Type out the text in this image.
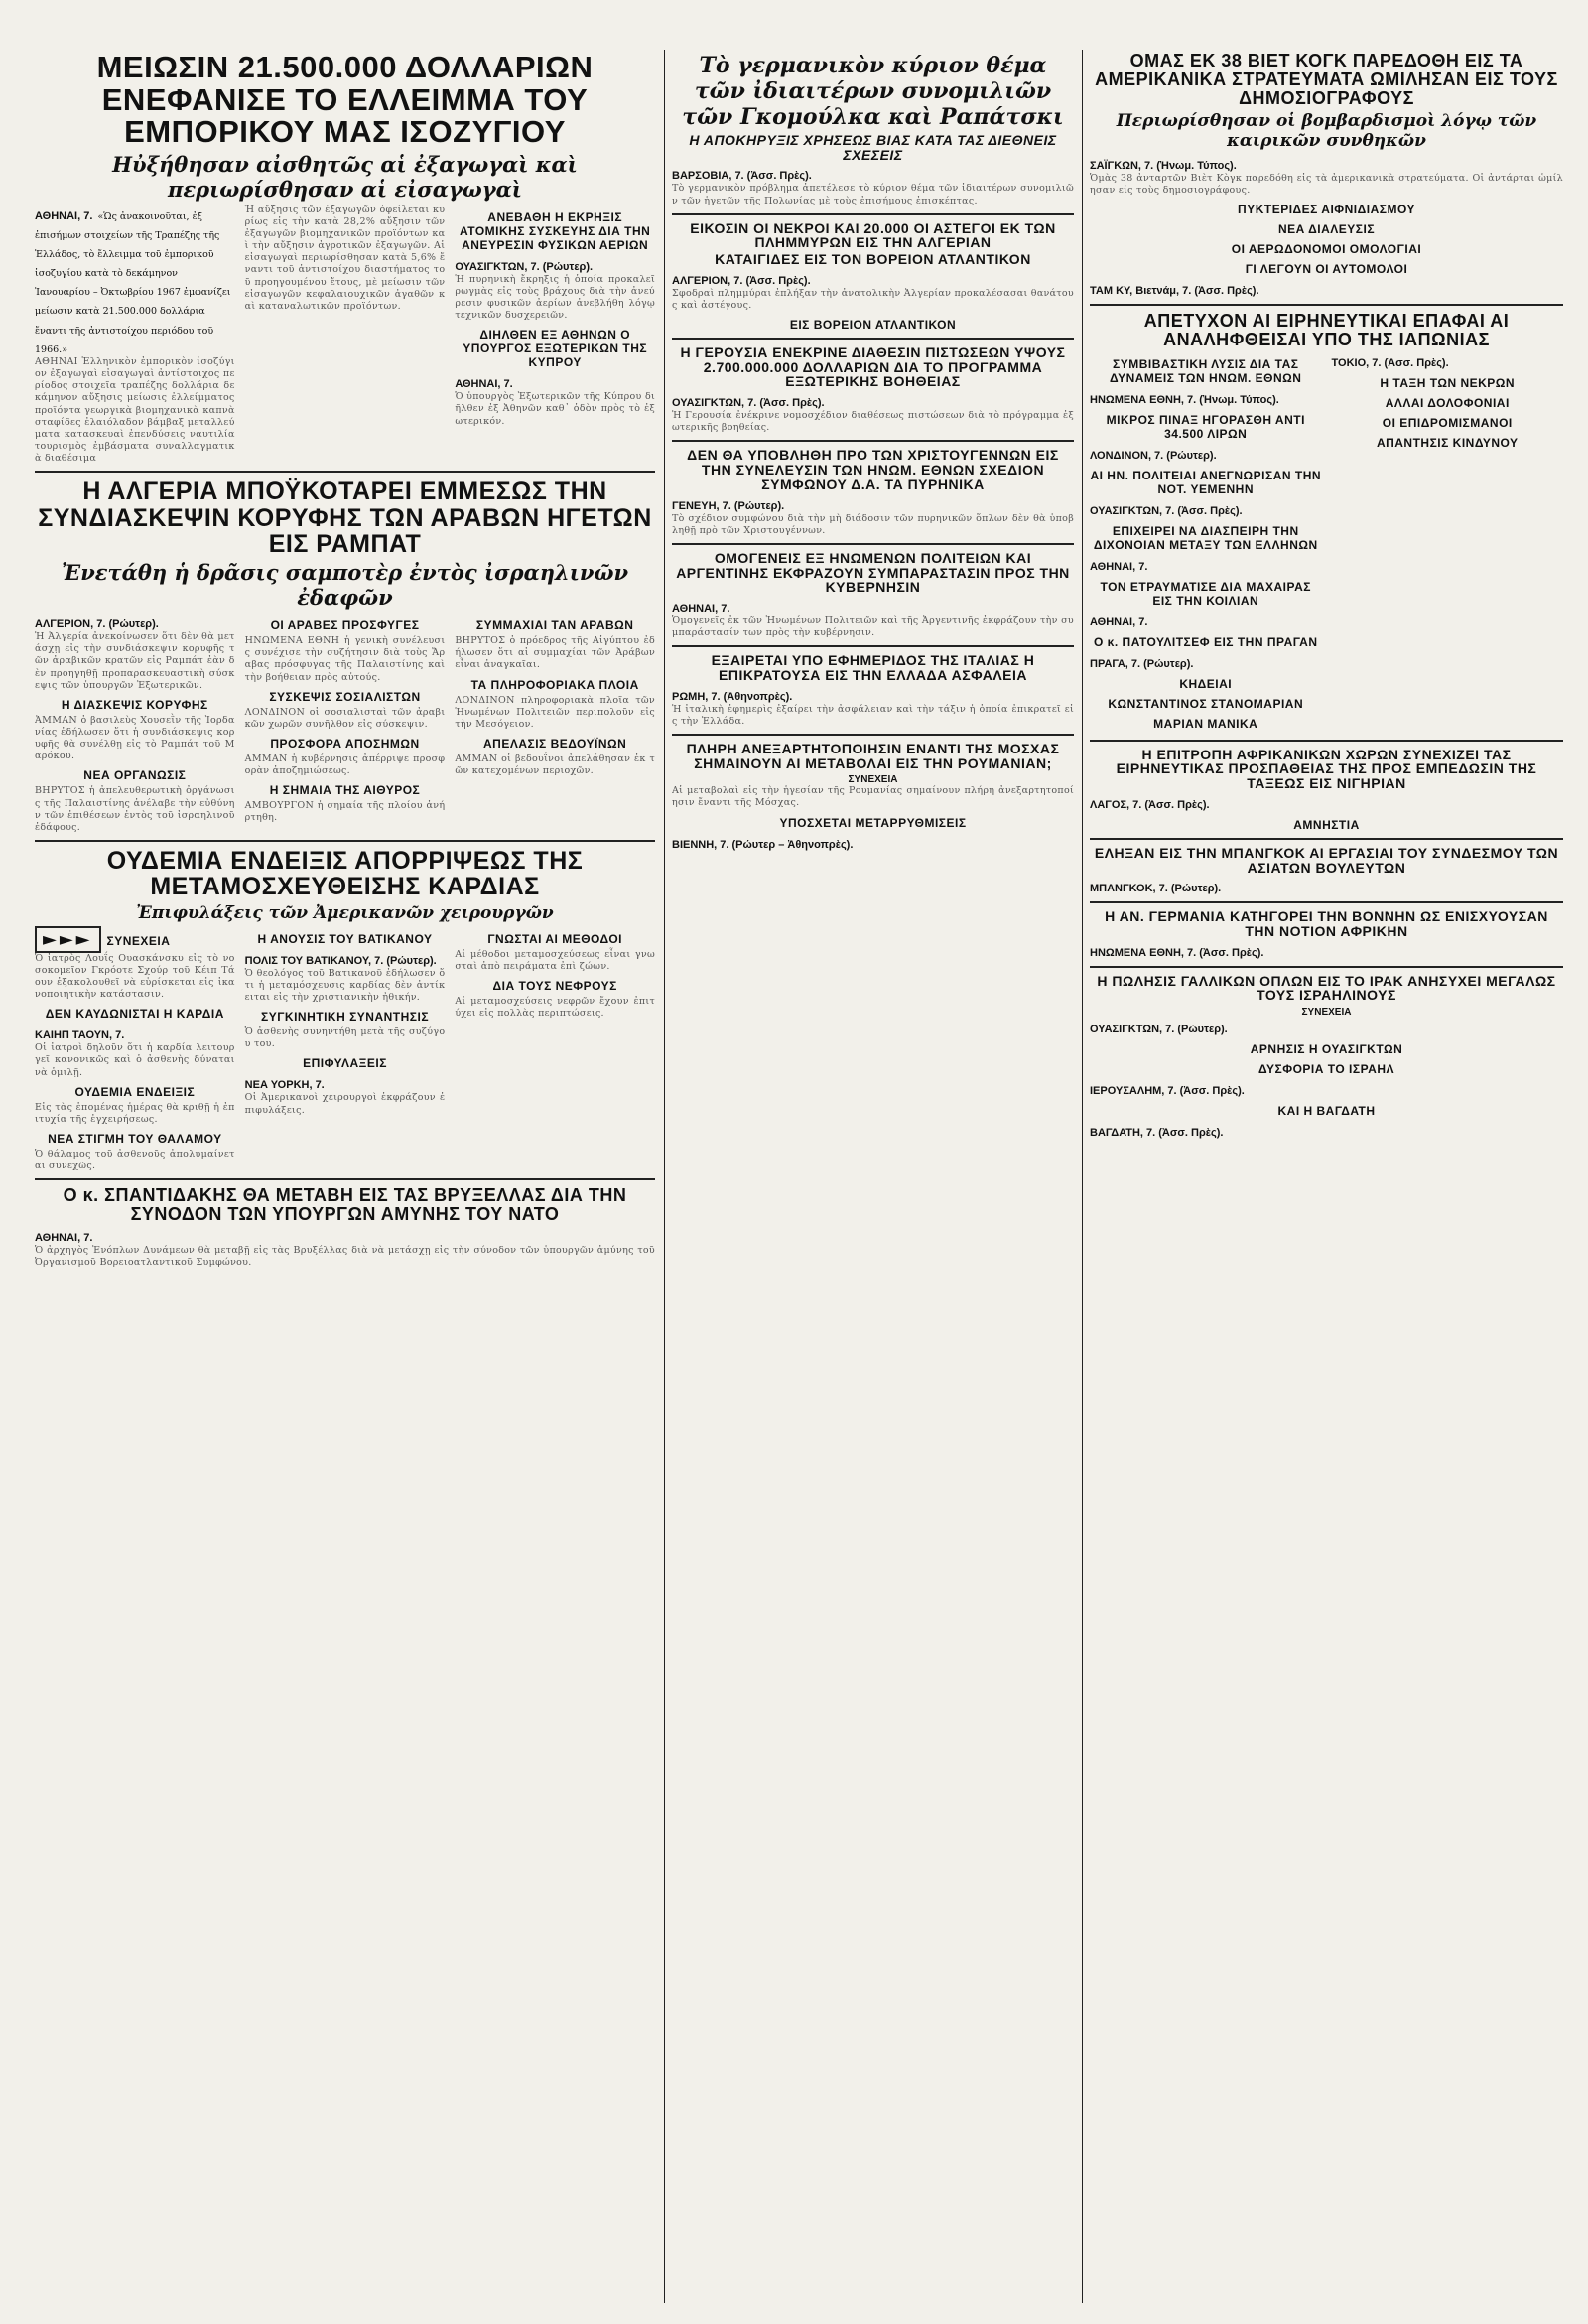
ΜΕΙΩΣΙΝ 21.500.000 ΔΟΛΛΑΡΙΩΝ ΕΝΕΦΑΝΙΣΕ ΤΟ ΕΛΛΕΙΜΜΑ ΤΟΥ ΕΜΠΟΡΙΚΟΥ ΜΑΣ ΙΣΟΖΥΓΙΟΥ
Ηὐξήθησαν αἰσθητῶς αἱ ἐξαγωγαὶ καὶ περιωρίσθησαν αἱ εἰσαγωγαὶ
ΑΘΗΝΑΙ, 7. «Ὡς ἀνακοινοῦται, ἐξ ἐπισήμων στοιχείων τῆς Τραπέζης τῆς Ἑλλάδος, τὸ ἔλλειμμα τοῦ ἐμπορικοῦ ἰσοζυγίου κατὰ τὸ δεκάμηνον Ἰανουαρίου – Ὀκτωβρίου 1967 ἐμφανίζει μείωσιν κατὰ 21.500.000 δολλάρια ἔναντι τῆς ἀντιστοίχου περιόδου τοῦ 1966.»
ΑΘΗΝΑΙ Ἑλληνικὸν ἐμπορικὸν ἰσοζύγιον ἐξαγωγαὶ εἰσαγωγαὶ ἀντίστοιχος περίοδος στοιχεῖα τραπέζης δολλάρια δεκάμηνον αὔξησις μείωσις ἐλλείμματος προϊόντα γεωργικὰ βιομηχανικὰ καπνὰ σταφίδες ἐλαιόλαδον βάμβαξ μεταλλεύματα κατασκευαὶ ἐπενδύσεις ναυτιλία τουρισμὸς ἐμβάσματα συναλλαγματικὰ διαθέσιμα
Ἡ αὔξησις τῶν ἐξαγωγῶν ὀφείλεται κυρίως εἰς τὴν κατὰ 28,2% αὔξησιν τῶν ἐξαγωγῶν βιομηχανικῶν προϊόντων καὶ τὴν αὔξησιν ἀγροτικῶν ἐξαγωγῶν. Αἱ εἰσαγωγαὶ περιωρίσθησαν κατὰ 5,6% ἔναντι τοῦ ἀντιστοίχου διαστήματος τοῦ προηγουμένου ἔτους, μὲ μείωσιν τῶν εἰσαγωγῶν κεφαλαιουχικῶν ἀγαθῶν καὶ καταναλωτικῶν προϊόντων.
ΑΝΕΒΑΘΗ Η ΕΚΡΗΞΙΣ ΑΤΟΜΙΚΗΣ ΣΥΣΚΕΥΗΣ ΔΙΑ ΤΗΝ ΑΝΕΥΡΕΣΙΝ ΦΥΣΙΚΩΝ ΑΕΡΙΩΝ
ΟΥΑΣΙΓΚΤΩΝ, 7. (Ρώυτερ).
Ἡ πυρηνικὴ ἔκρηξις ἡ ὁποία προκαλεῖ ρωγμὰς εἰς τοὺς βράχους διὰ τὴν ἀνεύρεσιν φυσικῶν ἀερίων ἀνεβλήθη λόγῳ τεχνικῶν δυσχερειῶν.
ΔΙΗΛΘΕΝ ΕΞ ΑΘΗΝΩΝ Ο ΥΠΟΥΡΓΟΣ ΕΞΩΤΕΡΙΚΩΝ ΤΗΣ ΚΥΠΡΟΥ
ΑΘΗΝΑΙ, 7.
Ὁ ὑπουργὸς Ἐξωτερικῶν τῆς Κύπρου διῆλθεν ἐξ Ἀθηνῶν καθ᾽ ὁδὸν πρὸς τὸ ἐξωτερικόν.
Η ΑΛΓΕΡΙΑ ΜΠΟΫΚΟΤΑΡΕΙ ΕΜΜΕΣΩΣ ΤΗΝ ΣΥΝΔΙΑΣΚΕΨΙΝ ΚΟΡΥΦΗΣ ΤΩΝ ΑΡΑΒΩΝ ΗΓΕΤΩΝ ΕΙΣ ΡΑΜΠΑΤ
Ἐνετάθη ἡ δρᾶσις σαμποτὲρ ἐντὸς ἰσραηλινῶν ἐδαφῶν
ΑΛΓΕΡΙΟΝ, 7. (Ρώυτερ).
Ἡ Ἀλγερία ἀνεκοίνωσεν ὅτι δὲν θὰ μετάσχῃ εἰς τὴν συνδιάσκεψιν κορυφῆς τῶν ἀραβικῶν κρατῶν εἰς Ραμπάτ ἐὰν δὲν προηγηθῇ προπαρασκευαστικὴ σύσκεψις τῶν ὑπουργῶν Ἐξωτερικῶν.
Η ΔΙΑΣΚΕΨΙΣ ΚΟΡΥΦΗΣ
ἈΜΜΑΝ ὁ βασιλεὺς Χουσεῒν τῆς Ἰορδανίας ἐδήλωσεν ὅτι ἡ συνδιάσκεψις κορυφῆς θὰ συνέλθῃ εἰς τὸ Ραμπάτ τοῦ Μαρόκου.
ΝΕΑ ΟΡΓΑΝΩΣΙΣ
ΒΗΡΥΤΟΣ ἡ ἀπελευθερωτικὴ ὀργάνωσις τῆς Παλαιστίνης ἀνέλαβε τὴν εὐθύνην τῶν ἐπιθέσεων ἐντὸς τοῦ ἰσραηλινοῦ ἐδάφους.
ΟΙ ΑΡΑΒΕΣ ΠΡΟΣΦΥΓΕΣ
ΗΝΩΜΕΝΑ ΕΘΝΗ ἡ γενικὴ συνέλευσις συνέχισε τὴν συζήτησιν διὰ τοὺς Ἄραβας πρόσφυγας τῆς Παλαιστίνης καὶ τὴν βοήθειαν πρὸς αὐτούς.
ΣΥΣΚΕΨΙΣ ΣΟΣΙΑΛΙΣΤΩΝ
ΛΟΝΔΙΝΟΝ οἱ σοσιαλισταὶ τῶν ἀραβικῶν χωρῶν συνῆλθον εἰς σύσκεψιν.
ΠΡΟΣΦΟΡΑ ΑΠΟΣΗΜΩΝ
ΑΜΜΑΝ ἡ κυβέρνησις ἀπέρριψε προσφορὰν ἀποζημιώσεως.
Η ΣΗΜΑΙΑ ΤΗΣ ΑΙΘΥΡΟΣ
ΑΜΒΟΥΡΓΟΝ ἡ σημαία τῆς πλοίου ἀνήρτηθη.
ΣΥΜΜΑΧΙΑΙ ΤΑΝ ΑΡΑΒΩΝ
ΒΗΡΥΤΟΣ ὁ πρόεδρος τῆς Αἰγύπτου ἐδήλωσεν ὅτι αἱ συμμαχίαι τῶν Ἀράβων εἶναι ἀναγκαῖαι.
ΤΑ ΠΛΗΡΟΦΟΡΙΑΚΑ ΠΛΟΙΑ
ΛΟΝΔΙΝΟΝ πληροφοριακὰ πλοῖα τῶν Ἡνωμένων Πολιτειῶν περιπολοῦν εἰς τὴν Μεσόγειον.
ΑΠΕΛΑΣΙΣ ΒΕΔΟΥΪΝΩΝ
ΑΜΜΑΝ οἱ βεδουΐνοι ἀπελάθησαν ἐκ τῶν κατεχομένων περιοχῶν.
ΟΥΔΕΜΙΑ ΕΝΔΕΙΞΙΣ ΑΠΟΡΡΙΨΕΩΣ ΤΗΣ ΜΕΤΑΜΟΣΧΕΥΘΕΙΣΗΣ ΚΑΡΔΙΑΣ
Ἐπιφυλάξεις τῶν Ἀμερικανῶν χειρουργῶν
►►► ΣΥΝΕΧΕΙΑ
Ὁ ἰατρὸς Λουΐς Ουασκάνσκυ εἰς τὸ νοσοκομεῖον Γκρόοτε Σχούρ τοῦ Κέιπ Τάουν ἐξακολουθεῖ νὰ εὑρίσκεται εἰς ἱκανοποιητικὴν κατάστασιν.
ΔΕΝ ΚΑΥΔΩΝΙΣΤΑΙ Η ΚΑΡΔΙΑ
ΚΑΙΗΠ ΤΑΟΥΝ, 7.
Οἱ ἰατροὶ δηλοῦν ὅτι ἡ καρδία λειτουργεῖ κανονικῶς καὶ ὁ ἀσθενὴς δύναται νὰ ὁμιλῇ.
ΟΥΔΕΜΙΑ ΕΝΔΕΙΞΙΣ
Εἰς τὰς ἑπομένας ἡμέρας θὰ κριθῇ ἡ ἐπιτυχία τῆς ἐγχειρήσεως.
ΝΕΑ ΣΤΙΓΜΗ ΤΟΥ ΘΑΛΑΜΟΥ
Ὁ θάλαμος τοῦ ἀσθενοῦς ἀπολυμαίνεται συνεχῶς.
Η ΑΝΟΥΣΙΣ ΤΟΥ ΒΑΤΙΚΑΝΟΥ
ΠΟΛΙΣ ΤΟΥ ΒΑΤΙΚΑΝΟΥ, 7. (Ρώυτερ).
Ὁ θεολόγος τοῦ Βατικανοῦ ἐδήλωσεν ὅτι ἡ μεταμόσχευσις καρδίας δὲν ἀντίκειται εἰς τὴν χριστιανικὴν ἠθικήν.
ΣΥΓΚΙΝΗΤΙΚΗ ΣΥΝΑΝΤΗΣΙΣ
Ὁ ἀσθενὴς συνηντήθη μετὰ τῆς συζύγου του.
ΕΠΙΦΥΛΑΞΕΙΣ
ΝΕΑ ΥΟΡΚΗ, 7.
Οἱ Ἀμερικανοὶ χειρουργοὶ ἐκφράζουν ἐπιφυλάξεις.
ΓΝΩΣΤΑΙ ΑΙ ΜΕΘΟΔΟΙ
Αἱ μέθοδοι μεταμοσχεύσεως εἶναι γνωσταὶ ἀπὸ πειράματα ἐπὶ ζώων.
ΔΙΑ ΤΟΥΣ ΝΕΦΡΟΥΣ
Αἱ μεταμοσχεύσεις νεφρῶν ἔχουν ἐπιτύχει εἰς πολλὰς περιπτώσεις.
Ο κ. ΣΠΑΝΤΙΔΑΚΗΣ ΘΑ ΜΕΤΑΒΗ ΕΙΣ ΤΑΣ ΒΡΥΞΕΛΛΑΣ ΔΙΑ ΤΗΝ ΣΥΝΟΔΟΝ ΤΩΝ ΥΠΟΥΡΓΩΝ ΑΜΥΝΗΣ ΤΟΥ ΝΑΤΟ
ΑΘΗΝΑΙ, 7.
Ὁ ἀρχηγὸς Ἐνόπλων Δυνάμεων θὰ μεταβῇ εἰς τὰς Βρυξέλλας διὰ νὰ μετάσχῃ εἰς τὴν σύνοδον τῶν ὑπουργῶν ἀμύνης τοῦ Ὀργανισμοῦ Βορειοατλαντικοῦ Συμφώνου.
Τὸ γερμανικὸν κύριον θέμα τῶν ἰδιαιτέρων συνομιλιῶν τῶν Γκομούλκα καὶ Ραπάτσκι
Η ΑΠΟΚΗΡΥΞΙΣ ΧΡΗΣΕΩΣ ΒΙΑΣ ΚΑΤΑ ΤΑΣ ΔΙΕΘΝΕΙΣ ΣΧΕΣΕΙΣ
ΒΑΡΣΟΒΙΑ, 7. (Ἀσσ. Πρὲς).
Τὸ γερμανικὸν πρόβλημα ἀπετέλεσε τὸ κύριον θέμα τῶν ἰδιαιτέρων συνομιλιῶν τῶν ἡγετῶν τῆς Πολωνίας μὲ τοὺς ἐπισήμους ἐπισκέπτας.
ΕΙΚΟΣΙΝ ΟΙ ΝΕΚΡΟΙ ΚΑΙ 20.000 ΟΙ ΑΣΤΕΓΟΙ ΕΚ ΤΩΝ ΠΛΗΜΜΥΡΩΝ ΕΙΣ ΤΗΝ ΑΛΓΕΡΙΑΝ
ΚΑΤΑΙΓΙΔΕΣ ΕΙΣ ΤΟΝ ΒΟΡΕΙΟΝ ΑΤΛΑΝΤΙΚΟΝ
ΑΛΓΕΡΙΟΝ, 7. (Ἀσσ. Πρὲς).
Σφοδραὶ πλημμύραι ἐπλήξαν τὴν ἀνατολικὴν Ἀλγερίαν προκαλέσασαι θανάτους καὶ ἀστέγους.
ΕΙΣ ΒΟΡΕΙΟΝ ΑΤΛΑΝΤΙΚΟΝ
Η ΓΕΡΟΥΣΙΑ ΕΝΕΚΡΙΝΕ ΔΙΑΘΕΣΙΝ ΠΙΣΤΩΣΕΩΝ ΥΨΟΥΣ 2.700.000.000 ΔΟΛΛΑΡΙΩΝ ΔΙΑ ΤΟ ΠΡΟΓΡΑΜΜΑ ΕΞΩΤΕΡΙΚΗΣ ΒΟΗΘΕΙΑΣ
ΟΥΑΣΙΓΚΤΩΝ, 7. (Ἀσσ. Πρὲς).
Ἡ Γερουσία ἐνέκρινε νομοσχέδιον διαθέσεως πιστώσεων διὰ τὸ πρόγραμμα ἐξωτερικῆς βοηθείας.
ΔΕΝ ΘΑ ΥΠΟΒΛΗΘΗ ΠΡΟ ΤΩΝ ΧΡΙΣΤΟΥΓΕΝΝΩΝ ΕΙΣ ΤΗΝ ΣΥΝΕΛΕΥΣΙΝ ΤΩΝ ΗΝΩΜ. ΕΘΝΩΝ ΣΧΕΔΙΟΝ ΣΥΜΦΩΝΟΥ Δ.Α. ΤΑ ΠΥΡΗΝΙΚΑ
ΓΕΝΕΥΗ, 7. (Ρώυτερ).
Τὸ σχέδιον συμφώνου διὰ τὴν μὴ διάδοσιν τῶν πυρηνικῶν ὅπλων δὲν θὰ ὑποβληθῇ πρὸ τῶν Χριστουγέννων.
ΟΜΟΓΕΝΕΙΣ ΕΞ ΗΝΩΜΕΝΩΝ ΠΟΛΙΤΕΙΩΝ ΚΑΙ ΑΡΓΕΝΤΙΝΗΣ ΕΚΦΡΑΖΟΥΝ ΣΥΜΠΑΡΑΣΤΑΣΙΝ ΠΡΟΣ ΤΗΝ ΚΥΒΕΡΝΗΣΙΝ
ΑΘΗΝΑΙ, 7.
Ὁμογενεῖς ἐκ τῶν Ἡνωμένων Πολιτειῶν καὶ τῆς Ἀργεντινῆς ἐκφράζουν τὴν συμπαράστασίν των πρὸς τὴν κυβέρνησιν.
ΕΞΑΙΡΕΤΑΙ ΥΠΟ ΕΦΗΜΕΡΙΔΟΣ ΤΗΣ ΙΤΑΛΙΑΣ Η ΕΠΙΚΡΑΤΟΥΣΑ ΕΙΣ ΤΗΝ ΕΛΛΑΔΑ ΑΣΦΑΛΕΙΑ
ΡΩΜΗ, 7. (Ἀθηνοπρὲς).
Ἡ ἰταλικὴ ἐφημερὶς ἐξαίρει τὴν ἀσφάλειαν καὶ τὴν τάξιν ἡ ὁποία ἐπικρατεῖ εἰς τὴν Ἑλλάδα.
ΠΛΗΡΗ ΑΝΕΞΑΡΤΗΤΟΠΟΙΗΣΙΝ ΕΝΑΝΤΙ ΤΗΣ ΜΟΣΧΑΣ ΣΗΜΑΙΝΟΥΝ ΑΙ ΜΕΤΑΒΟΛΑΙ ΕΙΣ ΤΗΝ ΡΟΥΜΑΝΙΑΝ;
ΣΥΝΕΧΕΙΑ
Αἱ μεταβολαὶ εἰς τὴν ἡγεσίαν τῆς Ρουμανίας σημαίνουν πλήρη ἀνεξαρτητοποίησιν ἔναντι τῆς Μόσχας.
ΥΠΟΣΧΕΤΑΙ ΜΕΤΑΡΡΥΘΜΙΣΕΙΣ
ΒΙΕΝΝΗ, 7. (Ρώυτερ – Ἀθηνοπρὲς).
ΟΜΑΣ ΕΚ 38 ΒΙΕΤ ΚΟΓΚ ΠΑΡΕΔΟΘΗ ΕΙΣ ΤΑ ΑΜΕΡΙΚΑΝΙΚΑ ΣΤΡΑΤΕΥΜΑΤΑ ΩΜΙΛΗΣΑΝ ΕΙΣ ΤΟΥΣ ΔΗΜΟΣΙΟΓΡΑΦΟΥΣ
Περιωρίσθησαν οἱ βομβαρδισμοὶ λόγῳ τῶν καιρικῶν συνθηκῶν
ΣΑΪΓΚΩΝ, 7. (Ἡνωμ. Τύπος).
Ὁμὰς 38 ἀνταρτῶν Βιὲτ Κὸγκ παρεδόθη εἰς τὰ ἀμερικανικὰ στρατεύματα. Οἱ ἀντάρται ὡμίλησαν εἰς τοὺς δημοσιογράφους.
ΠΥΚΤΕΡΙΔΕΣ ΑΙΦΝΙΔΙΑΣΜΟΥ
ΝΕΑ ΔΙΑΛΕΥΣΙΣ
ΟΙ ΑΕΡΩΔΟΝΟΜΟΙ ΟΜΟΛΟΓΙΑΙ
ΓΙ ΛΕΓΟΥΝ ΟΙ ΑΥΤΟΜΟΛΟΙ
ΤΑΜ ΚΥ, Βιετνάμ, 7. (Ἀσσ. Πρὲς).
ΑΠΕΤΥΧΟΝ ΑΙ ΕΙΡΗΝΕΥΤΙΚΑΙ ΕΠΑΦΑΙ ΑΙ ΑΝΑΛΗΦΘΕΙΣΑΙ ΥΠΟ ΤΗΣ ΙΑΠΩΝΙΑΣ
ΣΥΜΒΙΒΑΣΤΙΚΗ ΛΥΣΙΣ ΔΙΑ ΤΑΣ ΔΥΝΑΜΕΙΣ ΤΩΝ ΗΝΩΜ. ΕΘΝΩΝ
ΗΝΩΜΕΝΑ ΕΘΝΗ, 7. (Ἡνωμ. Τύπος).
ΜΙΚΡΟΣ ΠΙΝΑΞ ΗΓΟΡΑΣΘΗ ΑΝΤΙ 34.500 ΛΙΡΩΝ
ΛΟΝΔΙΝΟΝ, 7. (Ρώυτερ).
ΑΙ ΗΝ. ΠΟΛΙΤΕΙΑΙ ΑΝΕΓΝΩΡΙΣΑΝ ΤΗΝ ΝΟΤ. ΥΕΜΕΝΗΝ
ΟΥΑΣΙΓΚΤΩΝ, 7. (Ἀσσ. Πρὲς).
ΕΠΙΧΕΙΡΕΙ ΝΑ ΔΙΑΣΠΕΙΡΗ ΤΗΝ ΔΙΧΟΝΟΙΑΝ ΜΕΤΑΞΥ ΤΩΝ ΕΛΛΗΝΩΝ
ΑΘΗΝΑΙ, 7.
ΤΟΝ ΕΤΡΑΥΜΑΤΙΣΕ ΔΙΑ ΜΑΧΑΙΡΑΣ ΕΙΣ ΤΗΝ ΚΟΙΛΙΑΝ
ΑΘΗΝΑΙ, 7.
Ο κ. ΠΑΤΟΥΛΙΤΣΕΦ ΕΙΣ ΤΗΝ ΠΡΑΓΑΝ
ΠΡΑΓΑ, 7. (Ρώυτερ).
ΚΗΔΕΙΑΙ
ΚΩΝΣΤΑΝΤΙΝΟΣ ΣΤΑΝΟΜΑΡΙΑΝ
ΜΑΡΙΑΝ ΜΑΝΙΚΑ
ΤΟΚΙΟ, 7. (Ἀσσ. Πρὲς).
Η ΤΑΞΗ ΤΩΝ ΝΕΚΡΩΝ
ΑΛΛΑΙ ΔΟΛΟΦΟΝΙΑΙ
ΟΙ ΕΠΙΔΡΟΜΙΣΜΑΝΟΙ
ΑΠΑΝΤΗΣΙΣ ΚΙΝΔΥΝΟΥ
Η ΕΠΙΤΡΟΠΗ ΑΦΡΙΚΑΝΙΚΩΝ ΧΩΡΩΝ ΣΥΝΕΧΙΖΕΙ ΤΑΣ ΕΙΡΗΝΕΥΤΙΚΑΣ ΠΡΟΣΠΑΘΕΙΑΣ ΤΗΣ ΠΡΟΣ ΕΜΠΕΔΩΣΙΝ ΤΗΣ ΤΑΞΕΩΣ ΕΙΣ ΝΙΓΗΡΙΑΝ
ΛΑΓΟΣ, 7. (Ἀσσ. Πρὲς).
ΑΜΝΗΣΤΙΑ
ΕΛΗΞΑΝ ΕΙΣ ΤΗΝ ΜΠΑΝΓΚΟΚ ΑΙ ΕΡΓΑΣΙΑΙ ΤΟΥ ΣΥΝΔΕΣΜΟΥ ΤΩΝ ΑΣΙΑΤΩΝ ΒΟΥΛΕΥΤΩΝ
ΜΠΑΝΓΚΟΚ, 7. (Ρώυτερ).
Η ΑΝ. ΓΕΡΜΑΝΙΑ ΚΑΤΗΓΟΡΕΙ ΤΗΝ ΒΟΝΝΗΝ ΩΣ ΕΝΙΣΧΥΟΥΣΑΝ ΤΗΝ ΝΟΤΙΟΝ ΑΦΡΙΚΗΝ
ΗΝΩΜΕΝΑ ΕΘΝΗ, 7. (Ἀσσ. Πρὲς).
Η ΠΩΛΗΣΙΣ ΓΑΛΛΙΚΩΝ ΟΠΛΩΝ ΕΙΣ ΤΟ ΙΡΑΚ ΑΝΗΣΥΧΕΙ ΜΕΓΑΛΩΣ ΤΟΥΣ ΙΣΡΑΗΛΙΝΟΥΣ
ΣΥΝΕΧΕΙΑ
ΟΥΑΣΙΓΚΤΩΝ, 7. (Ρώυτερ).
ΑΡΝΗΣΙΣ Η ΟΥΑΣΙΓΚΤΩΝ
ΔΥΣΦΟΡΙΑ ΤΟ ΙΣΡΑΗΛ
ΙΕΡΟΥΣΑΛΗΜ, 7. (Ἀσσ. Πρὲς).
ΚΑΙ Η ΒΑΓΔΑΤΗ
ΒΑΓΔΑΤΗ, 7. (Ἀσσ. Πρὲς).
